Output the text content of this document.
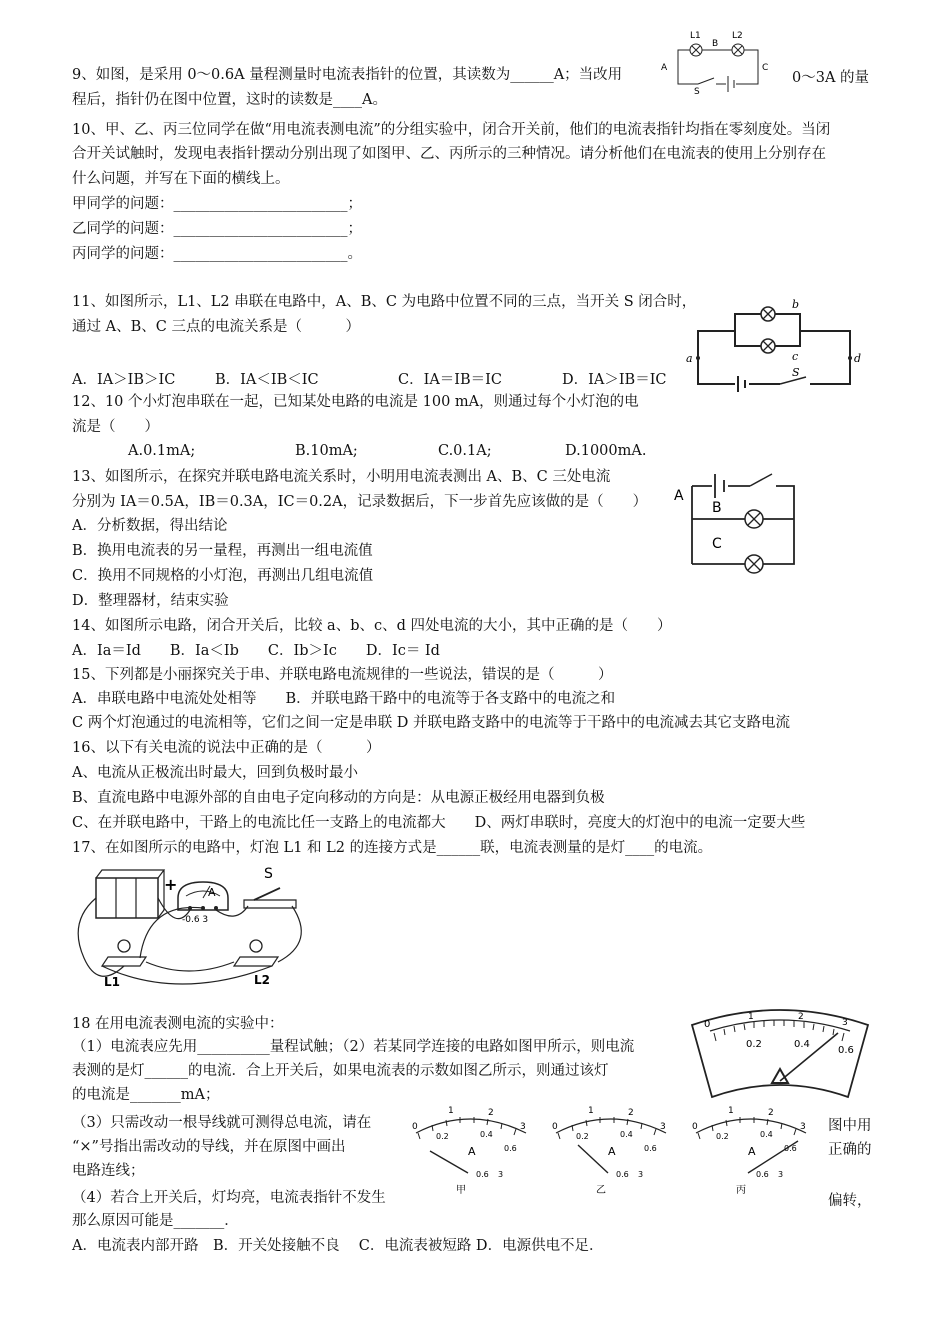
9、如图，是采用 0～0.6A 量程测量时电流表指针的位置，其读数为______A；当改用	0～3A 的量
程后，指针仍在图中位置，这时的读数是____A。
A
B
C
L1	L2
S
10、甲、乙、丙三位同学在做“用电流表测电流”的分组实验中，闭合开关前，他们的电流表指针均指在零刻度处。当闭
合开关试触时，发现电表指针摆动分别出现了如图甲、乙、丙所示的三种情况。请分析他们在电流表的使用上分别存在
什么问题，并写在下面的横线上。
甲同学的问题：________________________；
乙同学的问题：________________________；
丙同学的问题：________________________。
11、如图所示，L1、L2 串联在电路中，A、B、C 为电路中位置不同的三点，当开关 S 闭合时，
通过 A、B、C 三点的电流关系是（　　　）
A．IA＞IB＞IC	B．IA＜IB＜IC	C．IA＝IB＝IC	D．IA＞IB＝IC
a
b
c	d
S
12、10 个小灯泡串联在一起，已知某处电路的电流是 100 mA，则通过每个小灯泡的电
流是（　　）
A.0.1mA;	B.10mA;	C.0.1A;	D.1000mA.
13、如图所示，在探究并联电路电流关系时，小明用电流表测出 A、B、C 三处电流
分别为 IA＝0.5A，IB＝0.3A，IC＝0.2A，记录数据后，下一步首先应该做的是（　　）
A．分析数据，得出结论
B．换用电流表的另一量程，再测出一组电流值
C．换用不同规格的小灯泡，再测出几组电流值
D．整理器材，结束实验
A
B
C
14、如图所示电路，闭合开关后，比较 a、b、c、d 四处电流的大小，其中正确的是（　　）
A．Ia＝Id　　B．Ia＜Ib　　C．Ib＞Ic　　D．Ic＝ Id
15、下列都是小丽探究关于串、并联电路电流规律的一些说法，错误的是（　　　）
A．串联电路中电流处处相等　　B．并联电路干路中的电流等于各支路中的电流之和
C 两个灯泡通过的电流相等，它们之间一定是串联 D 并联电路支路中的电流等于干路中的电流减去其它支路电流
16、以下有关电流的说法中正确的是（　　　）
A、电流从正极流出时最大，回到负极时最小
B、直流电路中电源外部的自由电子定向移动的方向是：从电源正极经用电器到负极
C、在并联电路中，干路上的电流比任一支路上的电流都大　　D、两灯串联时，亮度大的灯泡中的电流一定要大些
17、在如图所示的电路中，灯泡 L1 和 L2 的连接方式是______联，电流表测量的是灯____的电流。
+	A
-0.6 3
S
L1	L2
18 在用电流表测电流的实验中：
（1）电流表应先用__________量程试触；（2）若某同学连接的电路如图甲所示，则电流
表测的是灯______的电流．合上开关后，如果电流表的示数如图乙所示，则通过该灯
的电流是_______mA；
（3）只需改动一根导线就可测得总电流，请在	图中用
“×”号指出需改动的导线，并在原图中画出	正确的
电路连线；
（4）若合上开关后，灯均亮，电流表指针不发生	偏转，
那么原因可能是_______．
A．电流表内部开路　B．开关处接触不良　 C．电流表被短路 D．电源供电不足．
0
0.2	0.4
0.6
1	2
3
0
1	2
3
0.2	0.4
0.6
A
0.6 3
甲
0
1	2
3
0.2	0.4
0.6
A
0.6 3
乙
0
1	2
3
0.2	0.4
0.6
A
0.6 3
丙
